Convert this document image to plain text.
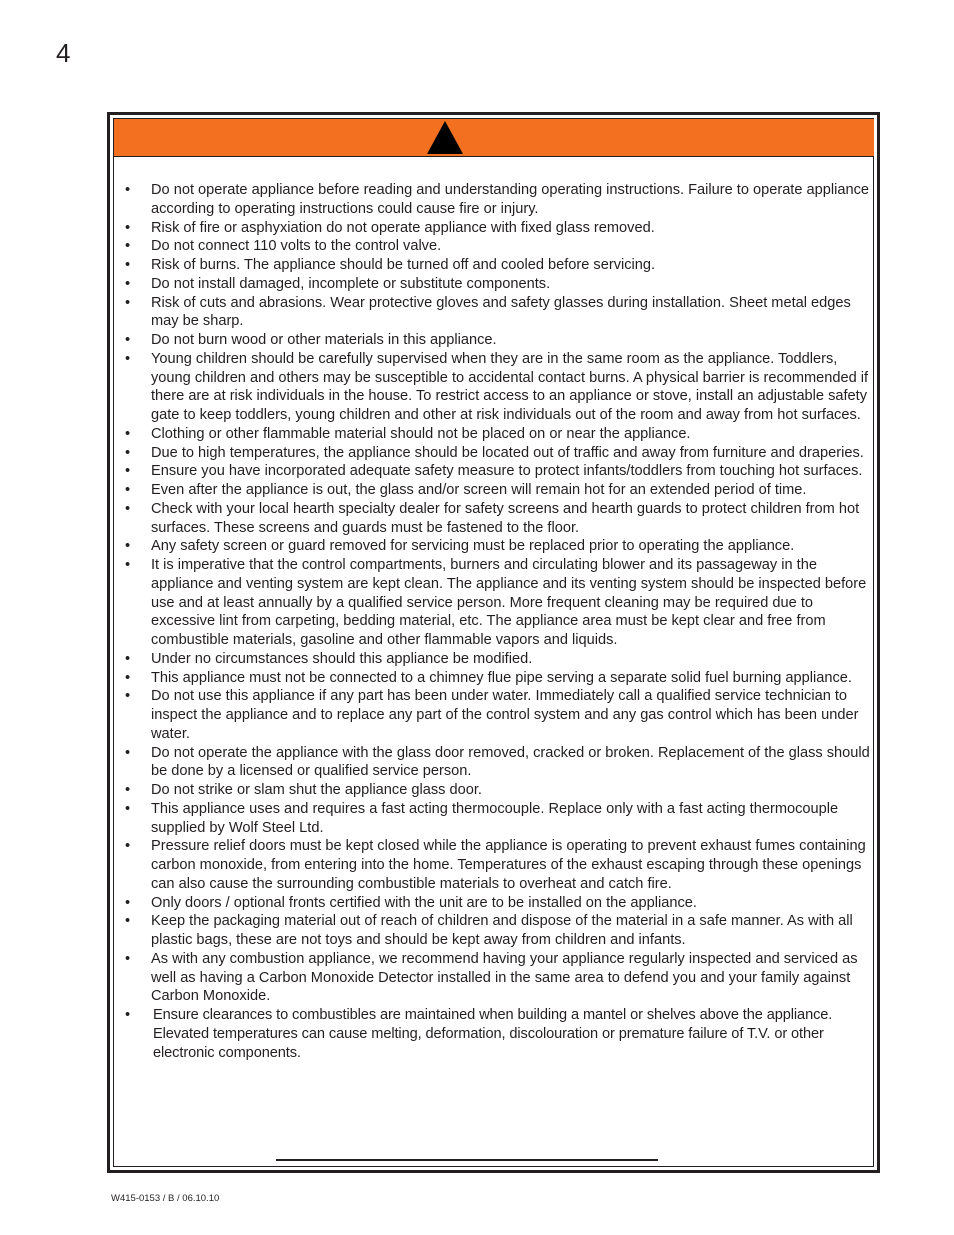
4
• Do not operate appliance before reading and understanding operating instructions. Failure to operate appliance according to operating instructions could cause fire or injury.
• Risk of fire or asphyxiation do not operate appliance with fixed glass removed.
• Do not connect 110 volts to the control valve.
• Risk of burns. The appliance should be turned off and cooled before servicing.
• Do not install damaged, incomplete or substitute components.
• Risk of cuts and abrasions. Wear protective gloves and safety glasses during installation. Sheet metal edges may be sharp.
• Do not burn wood or other materials in this appliance.
• Young children should be carefully supervised when they are in the same room as the appliance. Toddlers, young children and others may be susceptible to accidental contact burns. A physical barrier is recommended if there are at risk individuals in the house. To restrict access to an appliance or stove, install an adjustable safety gate to keep toddlers, young children and other at risk individuals out of the room and away from hot surfaces.
• Clothing or other flammable material should not be placed on or near the appliance.
• Due to high temperatures, the appliance should be located out of traffic and away from furniture and draperies.
• Ensure you have incorporated adequate safety measure to protect infants/toddlers from touching hot surfaces.
• Even after the appliance is out, the glass and/or screen will remain hot for an extended period of time.
• Check with your local hearth specialty dealer for safety screens and hearth guards to protect children from hot surfaces. These screens and guards must be fastened to the floor.
• Any safety screen or guard removed for servicing must be replaced prior to operating the appliance.
• It is imperative that the control compartments, burners and circulating blower and its passageway in the appliance and venting system are kept clean. The appliance and its venting system should be inspected before use and at least annually by a qualified service person. More frequent cleaning may be required due to excessive lint from carpeting, bedding material, etc. The appliance area must be kept clear and free from combustible materials, gasoline and other flammable vapors and liquids.
• Under no circumstances should this appliance be modified.
• This appliance must not be connected to a chimney flue pipe serving a separate solid fuel burning appliance.
• Do not use this appliance if any part has been under water. Immediately call a qualified service technician to inspect the appliance and to replace any part of the control system and any gas control which has been under water.
• Do not operate the appliance with the glass door removed, cracked or broken. Replacement of the glass should be done by a licensed or qualified service person.
• Do not strike or slam shut the appliance glass door.
• This appliance uses and requires a fast acting thermocouple. Replace only with a fast acting thermocouple supplied by Wolf Steel Ltd.
• Pressure relief doors must be kept closed while the appliance is operating to prevent exhaust fumes containing carbon monoxide, from entering into the home. Temperatures of the exhaust escaping through these openings can also cause the surrounding combustible materials to overheat and catch fire.
• Only doors / optional fronts certified with the unit are to be installed on the appliance.
• Keep the packaging material out of reach of children and dispose of the material in a safe manner. As with all plastic bags, these are not toys and should be kept away from children and infants.
• As with any combustion appliance, we recommend having your appliance regularly inspected and serviced as well as having a Carbon Monoxide Detector installed in the same area to defend you and your family against Carbon Monoxide.
• Ensure clearances to combustibles are maintained when building a mantel or shelves above the appliance. Elevated temperatures can cause melting, deformation, discolouration or premature failure of T.V. or other electronic components.
W415-0153 / B / 06.10.10
